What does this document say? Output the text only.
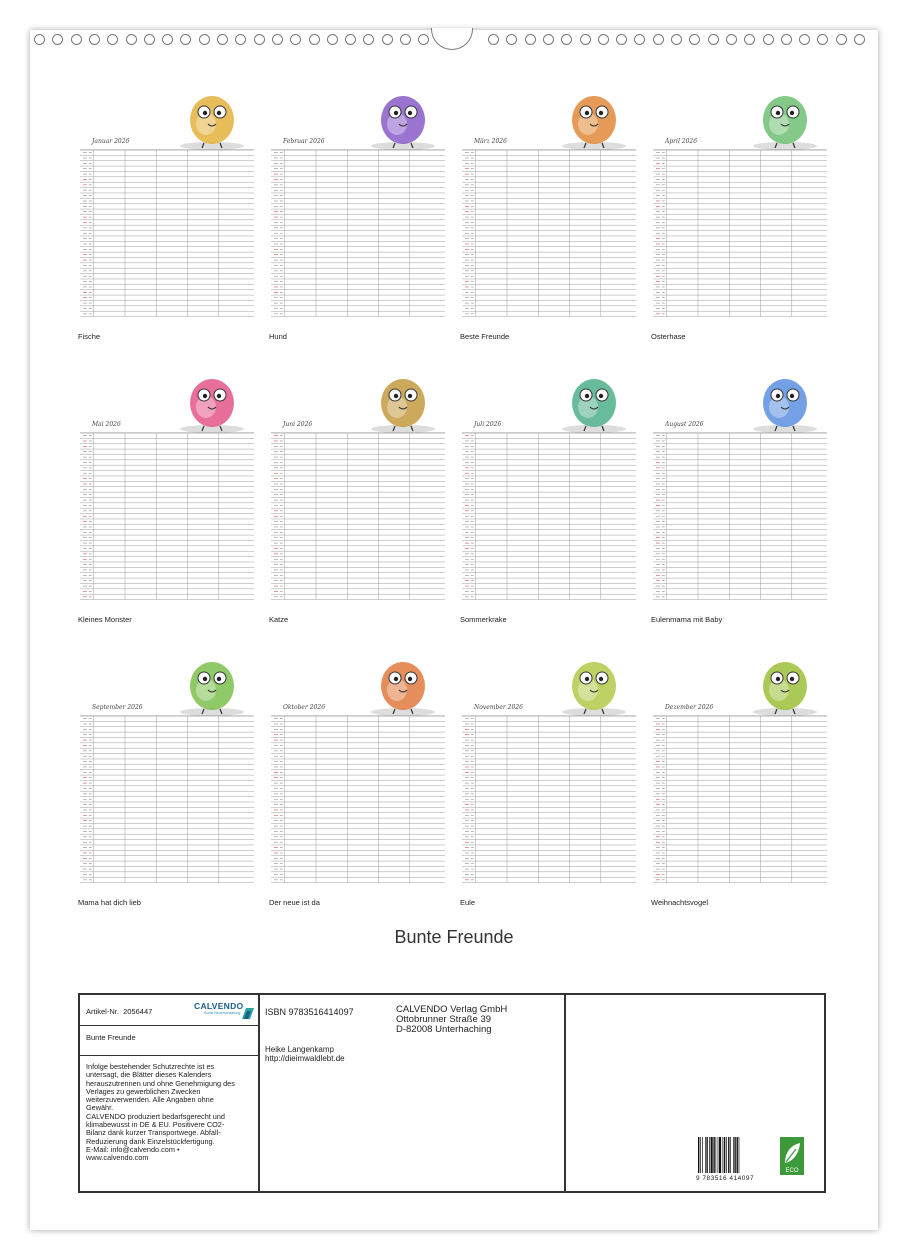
Januar 2026
Fische
Februar 2026
Hund
März 2026
Beste Freunde
April 2026
Osterhase
Mai 2026
Kleines Monster
Juni 2026
Katze
Juli 2026
Sommerkrake
August 2026
Eulenmama mit Baby
September 2026
Mama hat dich lieb
Oktober 2026
Der neue ist da
November 2026
Eule
Dezember 2026
Weihnachtsvogel
Bunte Freunde
Artikel-Nr. 2056447
CALVENDO
Kunst Neuerscheinung
Bunte Freunde

Infolge bestehender Schutzrechte ist es

untersagt, die Blätter dieses Kalenders

herauszutrennen und ohne Genehmigung des

Verlages zu gewerblichen Zwecken

weiterzuverwenden. Alle Angaben ohne

Gewähr.

CALVENDO produziert bedarfsgerecht und

klimabewusst in DE & EU. Positivere CO2-

Bilanz dank kurzer Transportwege. Abfall-

Reduzierung dank Einzelstückfertigung.

E-Mail: info@calvendo.com •

www.calvendo.com

ISBN 9783516414097
Heike Langenkamp
http://dieimwaldlebt.de
CALVENDO Verlag GmbH
Ottobrunner Straße 39
D-82008 Unterhaching
9 783516 414097
ECO
